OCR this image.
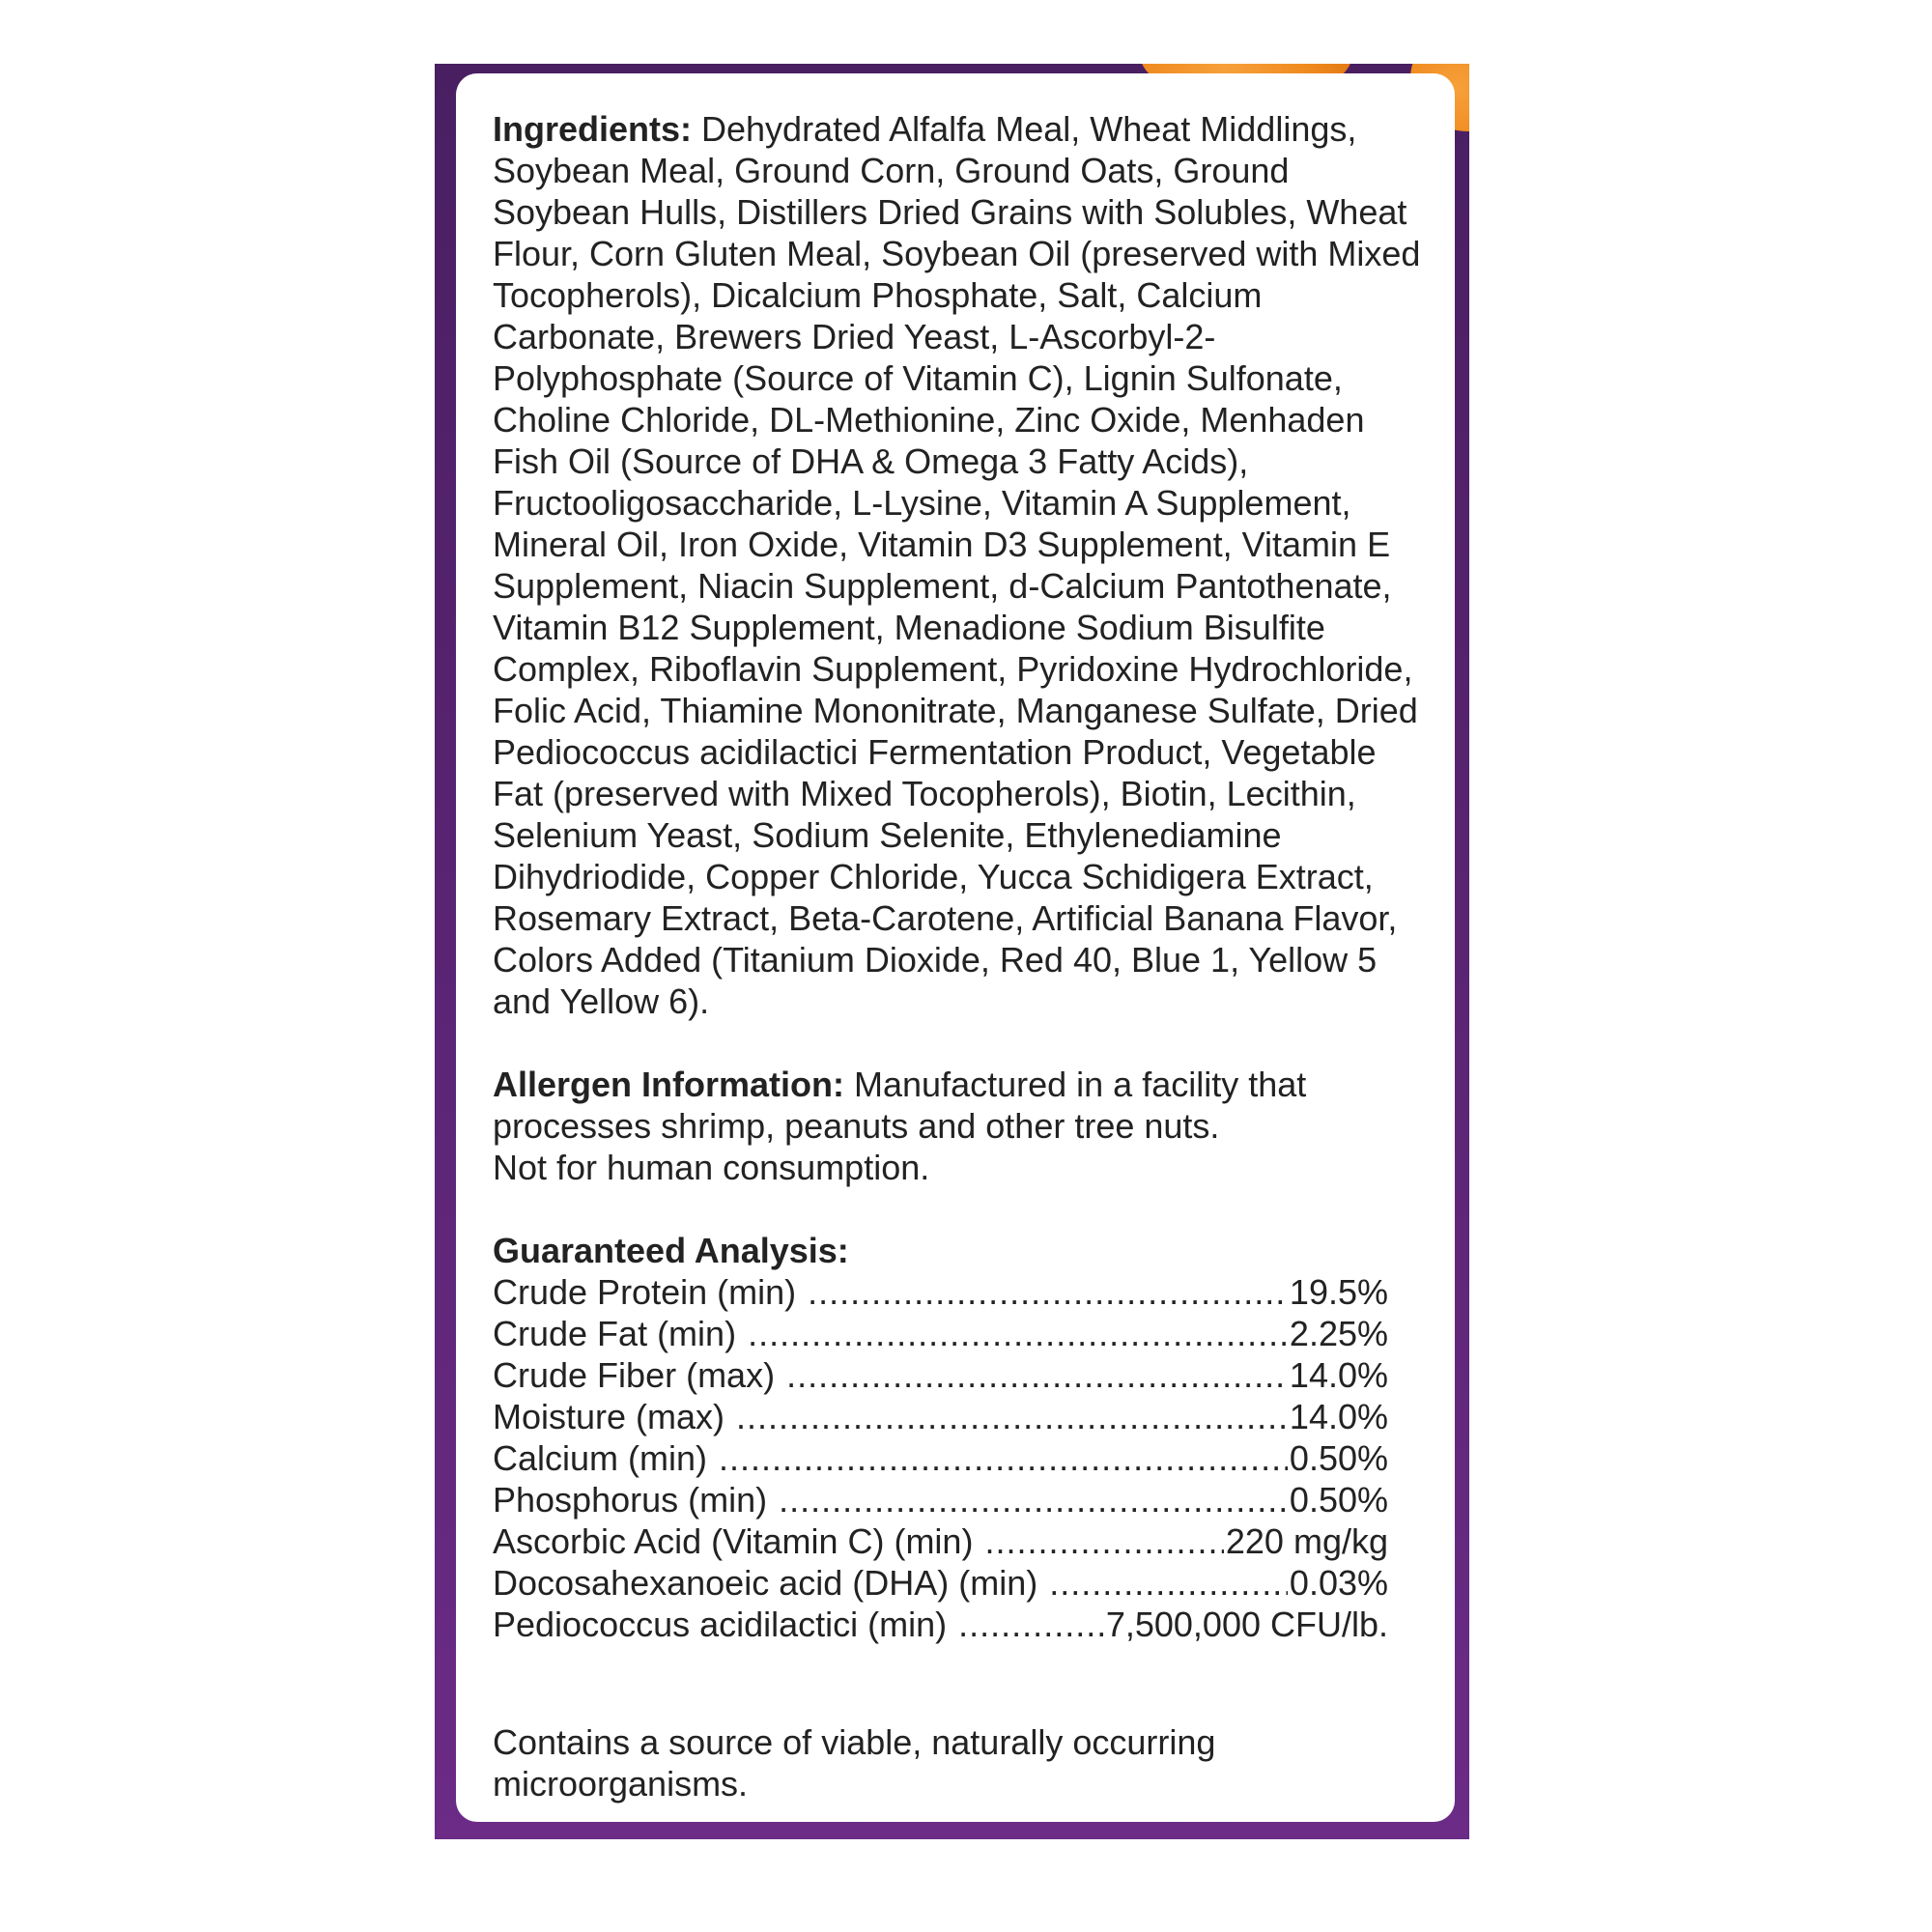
Ingredients: Dehydrated Alfalfa Meal, Wheat Middlings, Soybean Meal, Ground Corn, Ground Oats, Ground Soybean Hulls, Distillers Dried Grains with Solubles, Wheat Flour, Corn Gluten Meal, Soybean Oil (preserved with Mixed Tocopherols), Dicalcium Phosphate, Salt, Calcium Carbonate, Brewers Dried Yeast, L-Ascorbyl-2-Polyphosphate (Source of Vitamin C), Lignin Sulfonate, Choline Chloride, DL-Methionine, Zinc Oxide, Menhaden Fish Oil (Source of DHA & Omega 3 Fatty Acids), Fructooligosaccharide, L-Lysine, Vitamin A Supplement, Mineral Oil, Iron Oxide, Vitamin D3 Supplement, Vitamin E Supplement, Niacin Supplement, d-Calcium Pantothenate, Vitamin B12 Supplement, Menadione Sodium Bisulfite Complex, Riboflavin Supplement, Pyridoxine Hydrochloride, Folic Acid, Thiamine Mononitrate, Manganese Sulfate, Dried Pediococcus acidilactici Fermentation Product, Vegetable Fat (preserved with Mixed Tocopherols), Biotin, Lecithin, Selenium Yeast, Sodium Selenite, Ethylenediamine Dihydriodide, Copper Chloride, Yucca Schidigera Extract, Rosemary Extract, Beta-Carotene, Artificial Banana Flavor, Colors Added (Titanium Dioxide, Red 40, Blue 1, Yellow 5 and Yellow 6).

Allergen Information: Manufactured in a facility that processes shrimp, peanuts and other tree nuts.

Not for human consumption.

Guaranteed Analysis:

Crude Protein (min) .....	19.5%
Crude Fat (min) .....	2.25%
Crude Fiber (max) .....	14.0%
Moisture (max) .....	14.0%
Calcium (min) .....	0.50%
Phosphorus (min) .....	0.50%
Ascorbic Acid (Vitamin C) (min) .....	220 mg/kg
Docosahexanoeic acid (DHA) (min) .....	0.03%
Pediococcus acidilactici (min) .....	7,500,000 CFU/lb.

Contains a source of viable, naturally occurring microorganisms.
